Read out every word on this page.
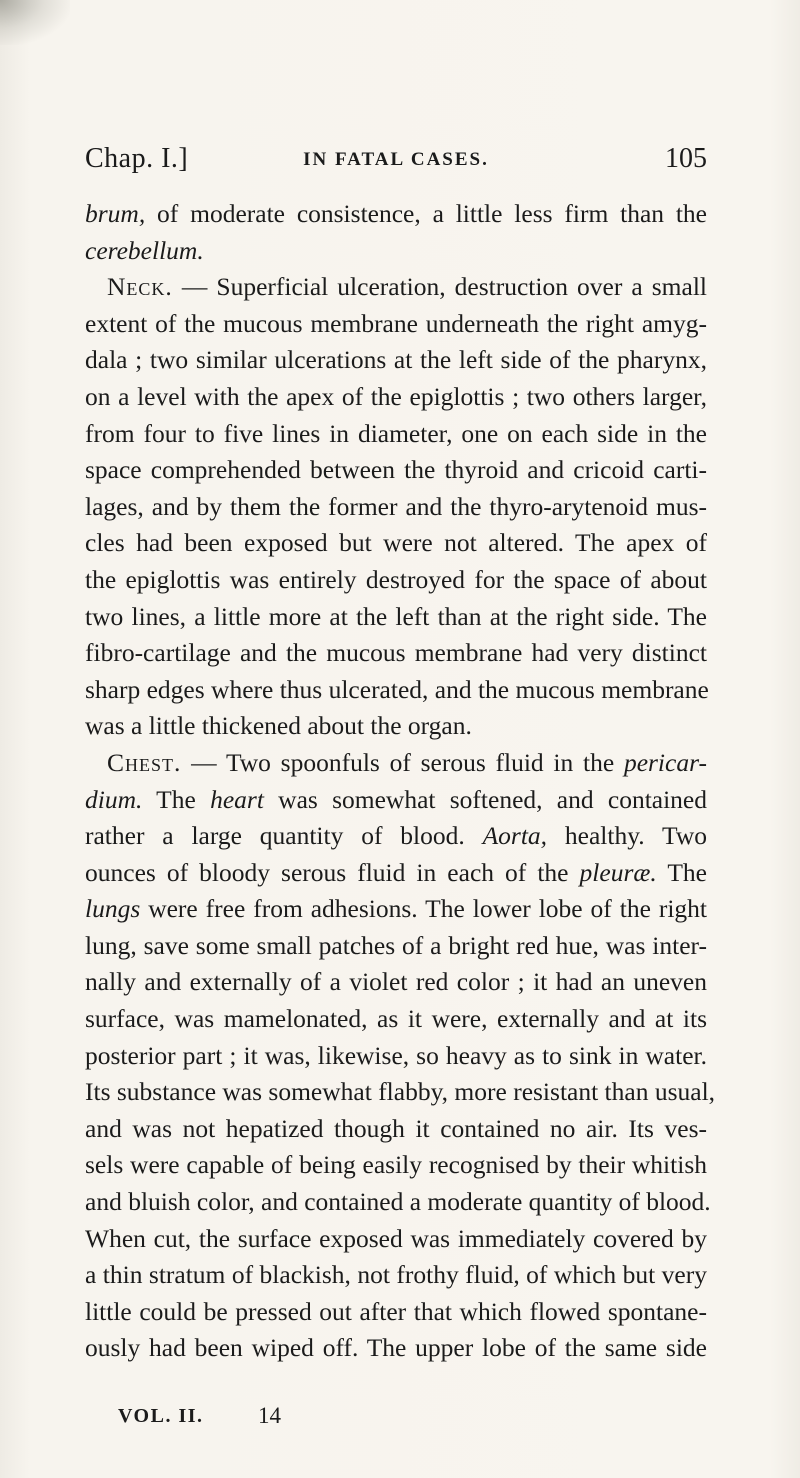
Chap. I.]	IN FATAL CASES.	105
brum, of moderate consistence, a little less firm than the
cerebellum.
Neck. — Superficial ulceration, destruction over a small
extent of the mucous membrane underneath the right amyg-
dala ; two similar ulcerations at the left side of the pharynx,
on a level with the apex of the epiglottis ; two others larger,
from four to five lines in diameter, one on each side in the
space comprehended between the thyroid and cricoid carti-
lages, and by them the former and the thyro-arytenoid mus-
cles had been exposed but were not altered. The apex of
the epiglottis was entirely destroyed for the space of about
two lines, a little more at the left than at the right side. The
fibro-cartilage and the mucous membrane had very distinct
sharp edges where thus ulcerated, and the mucous membrane
was a little thickened about the organ.
Chest. — Two spoonfuls of serous fluid in the pericar-
dium. The heart was somewhat softened, and contained
rather a large quantity of blood. Aorta, healthy. Two
ounces of bloody serous fluid in each of the pleuræ. The
lungs were free from adhesions. The lower lobe of the right
lung, save some small patches of a bright red hue, was inter-
nally and externally of a violet red color ; it had an uneven
surface, was mamelonated, as it were, externally and at its
posterior part ; it was, likewise, so heavy as to sink in water.
Its substance was somewhat flabby, more resistant than usual,
and was not hepatized though it contained no air. Its ves-
sels were capable of being easily recognised by their whitish
and bluish color, and contained a moderate quantity of blood.
When cut, the surface exposed was immediately covered by
a thin stratum of blackish, not frothy fluid, of which but very
little could be pressed out after that which flowed spontane-
ously had been wiped off. The upper lobe of the same side
VOL. II. 14
